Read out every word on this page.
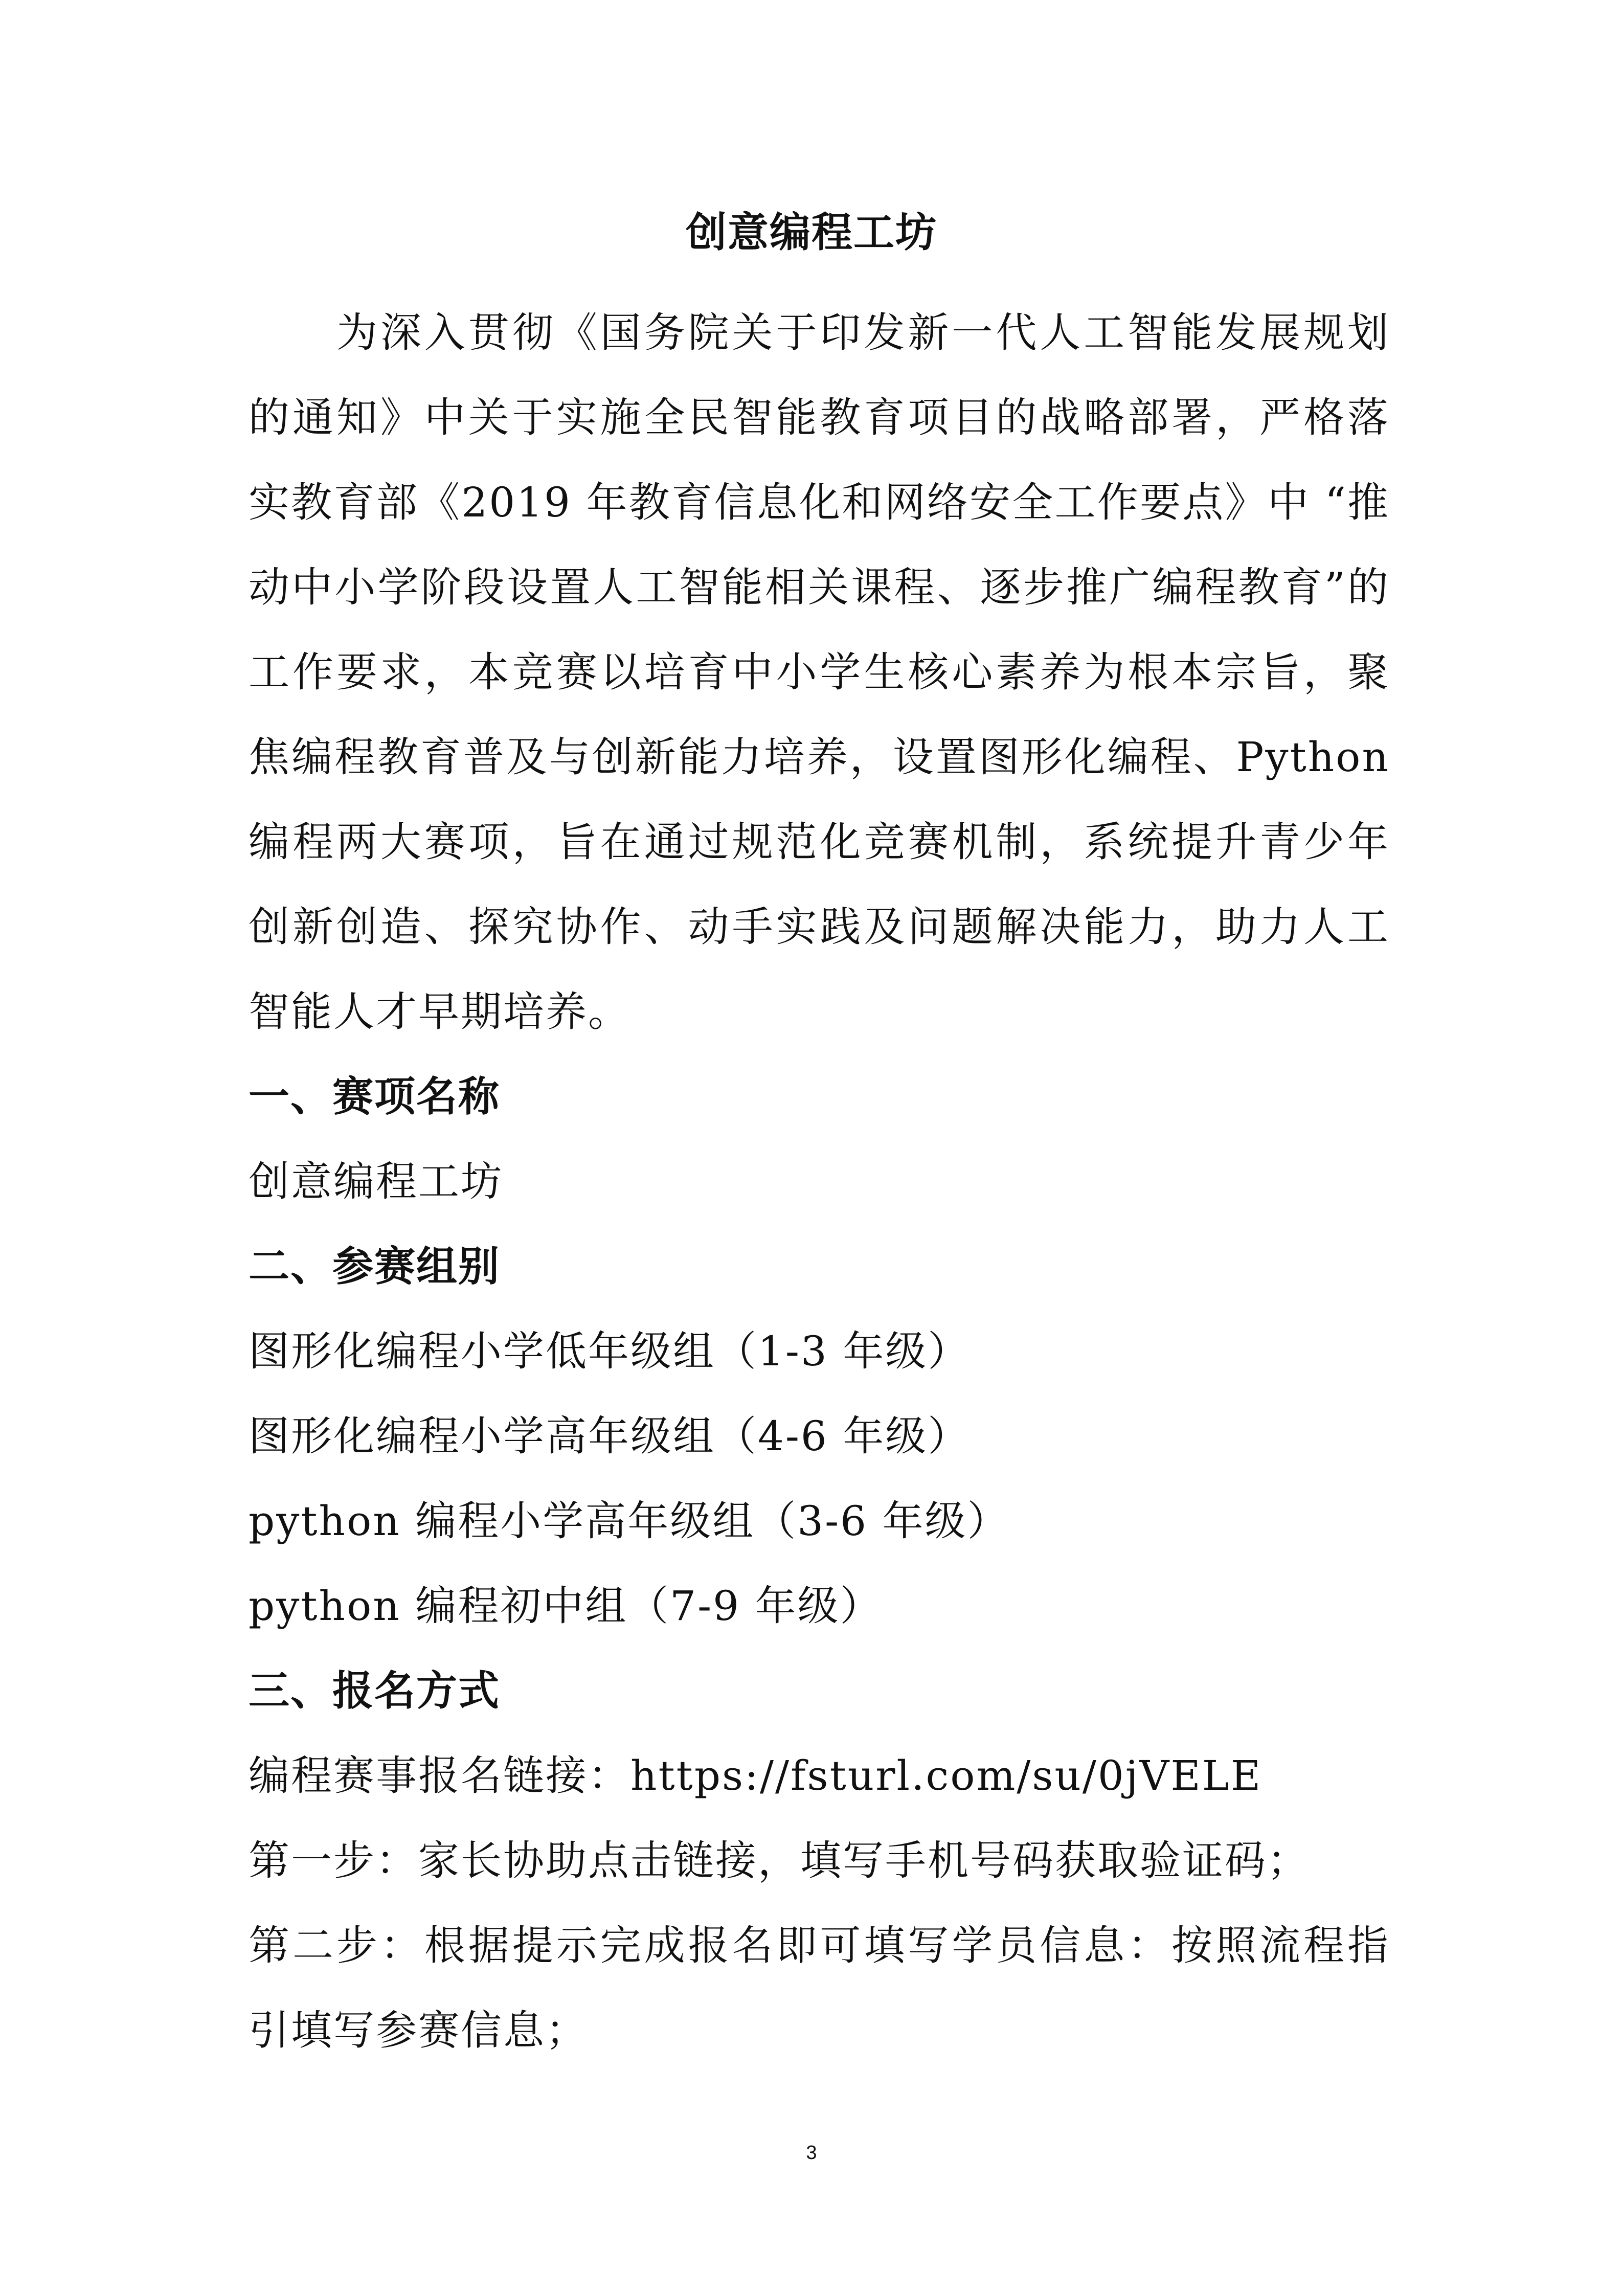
创意编程工坊

为深入贯彻《国务院关于印发新一代人工智能发展规划的通知》中关于实施全民智能教育项目的战略部署，严格落实教育部《2019 年教育信息化和网络安全工作要点》中 “推动中小学阶段设置人工智能相关课程、逐步推广编程教育”的工作要求，本竞赛以培育中小学生核心素养为根本宗旨，聚焦编程教育普及与创新能力培养，设置图形化编程、Python 编程两大赛项，旨在通过规范化竞赛机制，系统提升青少年创新创造、探究协作、动手实践及问题解决能力，助力人工智能人才早期培养。

一、赛项名称

创意编程工坊

二、参赛组别

图形化编程小学低年级组（1-3 年级）

图形化编程小学高年级组（4-6 年级）

python 编程小学高年级组（3-6 年级）

python 编程初中组（7-9 年级）

三、报名方式

编程赛事报名链接：https://fsturl.com/su/0jVELE

第一步：家长协助点击链接，填写手机号码获取验证码；

第二步：根据提示完成报名即可填写学员信息：按照流程指引填写参赛信息；

3
